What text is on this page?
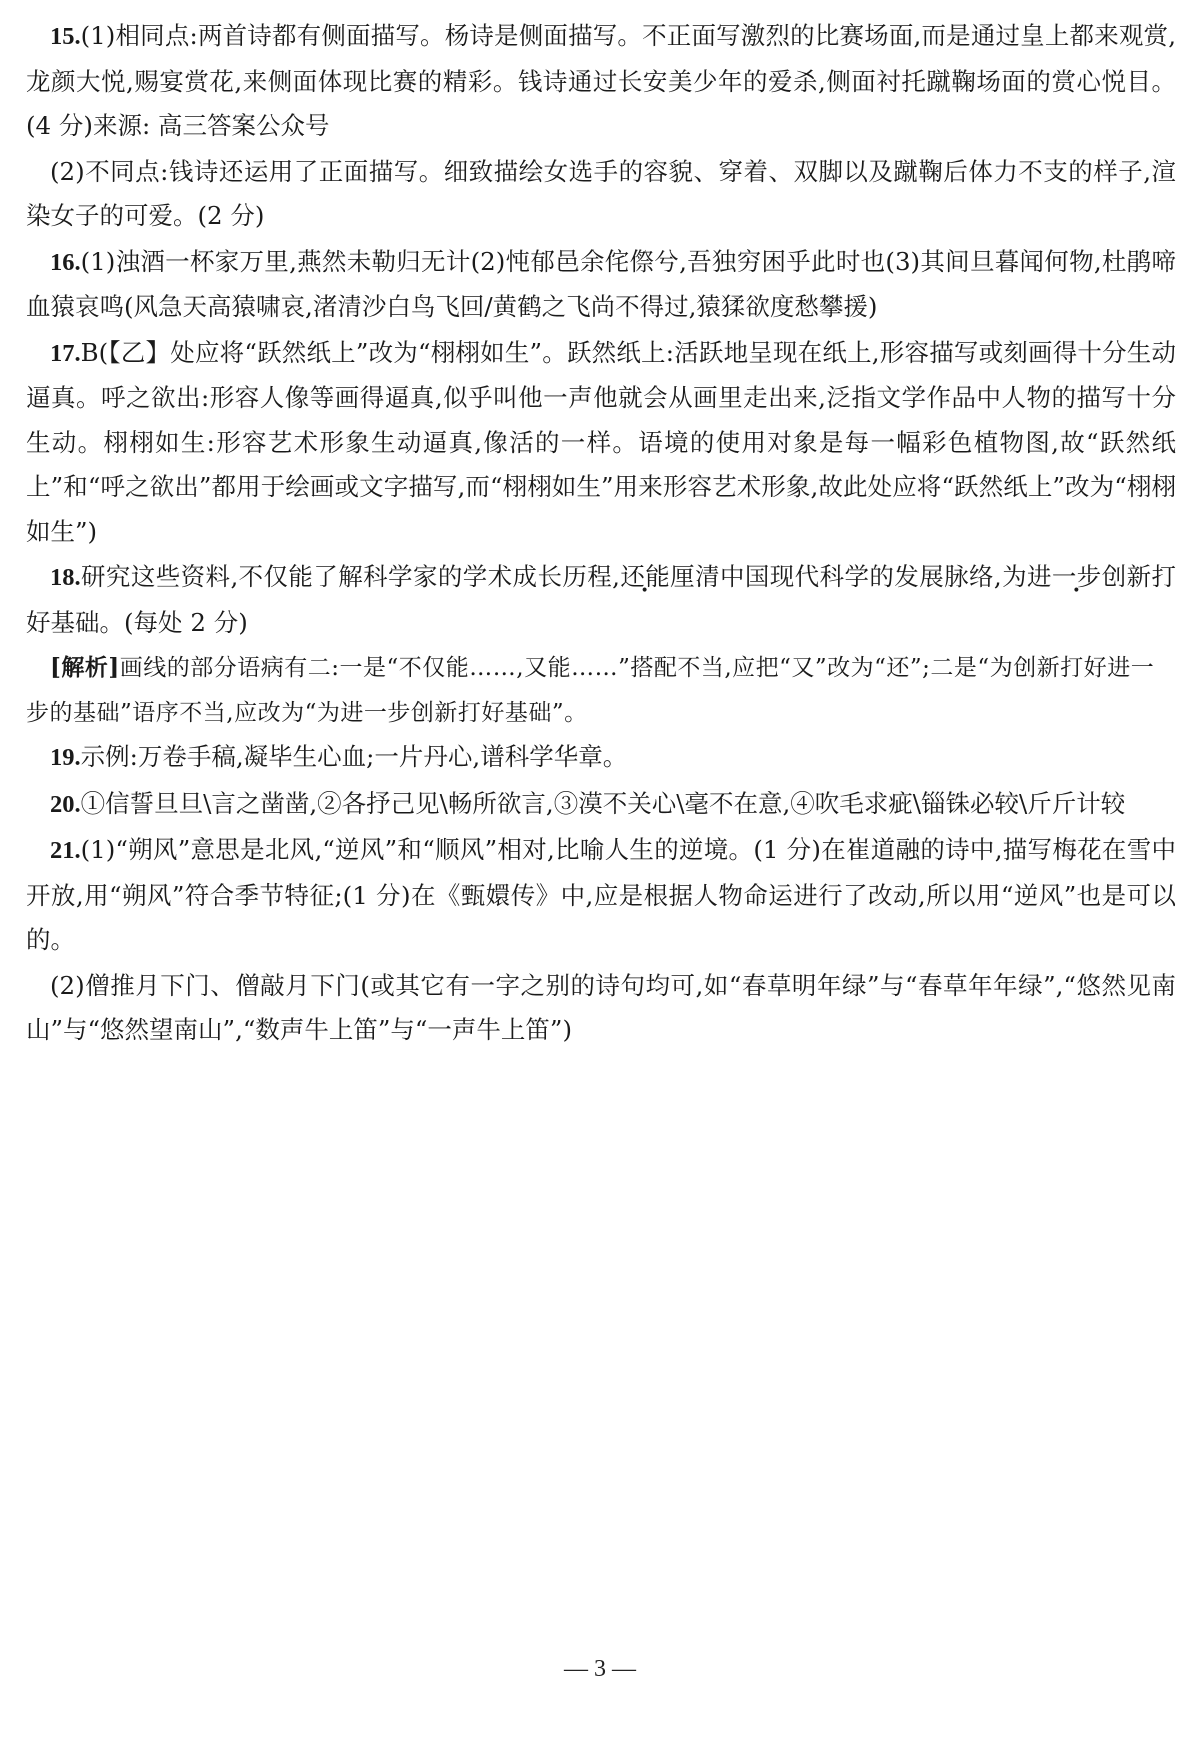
15.(1)相同点:两首诗都有侧面描写。杨诗是侧面描写。不正面写激烈的比赛场面,而是通过皇上都来观赏,龙颜大悦,赐宴赏花,来侧面体现比赛的精彩。钱诗通过长安美少年的爱杀,侧面衬托蹴鞠场面的赏心悦目。(4 分)来源: 高三答案公众号

(2)不同点:钱诗还运用了正面描写。细致描绘女选手的容貌、穿着、双脚以及蹴鞠后体力不支的样子,渲染女子的可爱。(2 分)

16.(1)浊酒一杯家万里,燕然未勒归无计(2)忳郁邑余侘傺兮,吾独穷困乎此时也(3)其间旦暮闻何物,杜鹃啼血猿哀鸣(风急天高猿啸哀,渚清沙白鸟飞回/黄鹤之飞尚不得过,猿猱欲度愁攀援)

17.B(【乙】处应将“跃然纸上”改为“栩栩如生”。跃然纸上:活跃地呈现在纸上,形容描写或刻画得十分生动逼真。呼之欲出:形容人像等画得逼真,似乎叫他一声他就会从画里走出来,泛指文学作品中人物的描写十分生动。栩栩如生:形容艺术形象生动逼真,像活的一样。语境的使用对象是每一幅彩色植物图,故“跃然纸上”和“呼之欲出”都用于绘画或文字描写,而“栩栩如生”用来形容艺术形象,故此处应将“跃然纸上”改为“栩栩如生”)

18.研究这些资料,不仅能了解科学家的学术成长历程,还能厘清中国现代科学的发展脉络,为进一步创新打好基础。(每处 2 分)

[解析]画线的部分语病有二:一是“不仅能……,又能……”搭配不当,应把“又”改为“还”;二是“为创新打好进一步的基础”语序不当,应改为“为进一步创新打好基础”。

19.示例:万卷手稿,凝毕生心血;一片丹心,谱科学华章。

20.①信誓旦旦\言之凿凿,②各抒己见\畅所欲言,③漠不关心\毫不在意,④吹毛求疵\锱铢必较\斤斤计较

21.(1)“朔风”意思是北风,“逆风”和“顺风”相对,比喻人生的逆境。(1 分)在崔道融的诗中,描写梅花在雪中开放,用“朔风”符合季节特征;(1 分)在《甄嬛传》中,应是根据人物命运进行了改动,所以用“逆风”也是可以的。

(2)僧推月下门、僧敲月下门(或其它有一字之别的诗句均可,如“春草明年绿”与“春草年年绿”,“悠然见南山”与“悠然望南山”,“数声牛上笛”与“一声牛上笛”)

— 3 —
